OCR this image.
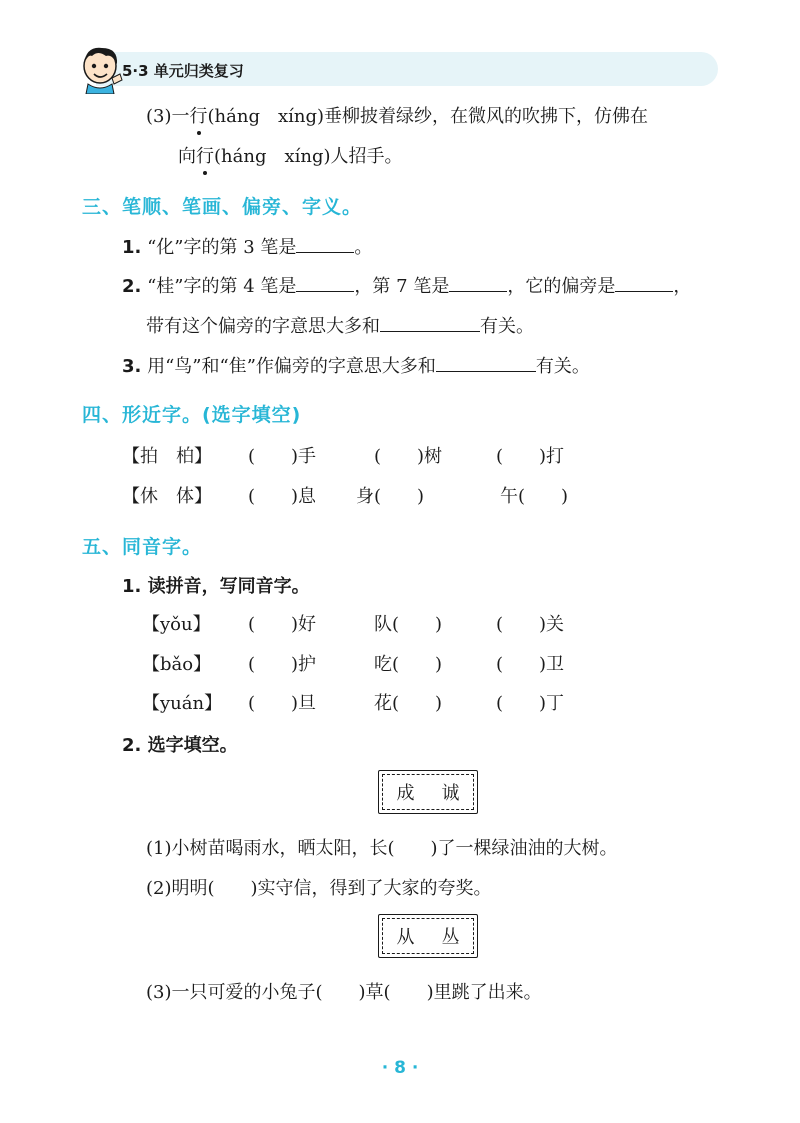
5·3 单元归类复习
(3)一行(háng　xíng)垂柳披着绿纱，在微风的吹拂下，仿佛在
向行(háng　xíng)人招手。
三、笔顺、笔画、偏旁、字义。
1. “化”字的第 3 笔是	。
2. “桂”字的第 4 笔是	，第 7 笔是	，它的偏旁是	，
带有这个偏旁的字意思大多和	有关。
3. 用“鸟”和“隹”作偏旁的字意思大多和	有关。
四、形近字。(选字填空)
【拍　柏】 (　　)手	(　　)树	(　　)打
【休　体】 (　　)息 身(　　)	午(　　)
五、同音字。
1. 读拼音，写同音字。
【yǒu】 (　　)好	队(　　)	(　　)关
【bǎo】 (　　)护	吃(　　)	(　　)卫
【yuán】 (　　)旦	花(　　)	(　　)丁
2. 选字填空。
成 诚
(1)小树苗喝雨水，晒太阳，长(　　)了一棵绿油油的大树。
(2)明明(　　)实守信，得到了大家的夸奖。
从 丛
(3)一只可爱的小兔子(　　)草(　　)里跳了出来。
· 8 ·
